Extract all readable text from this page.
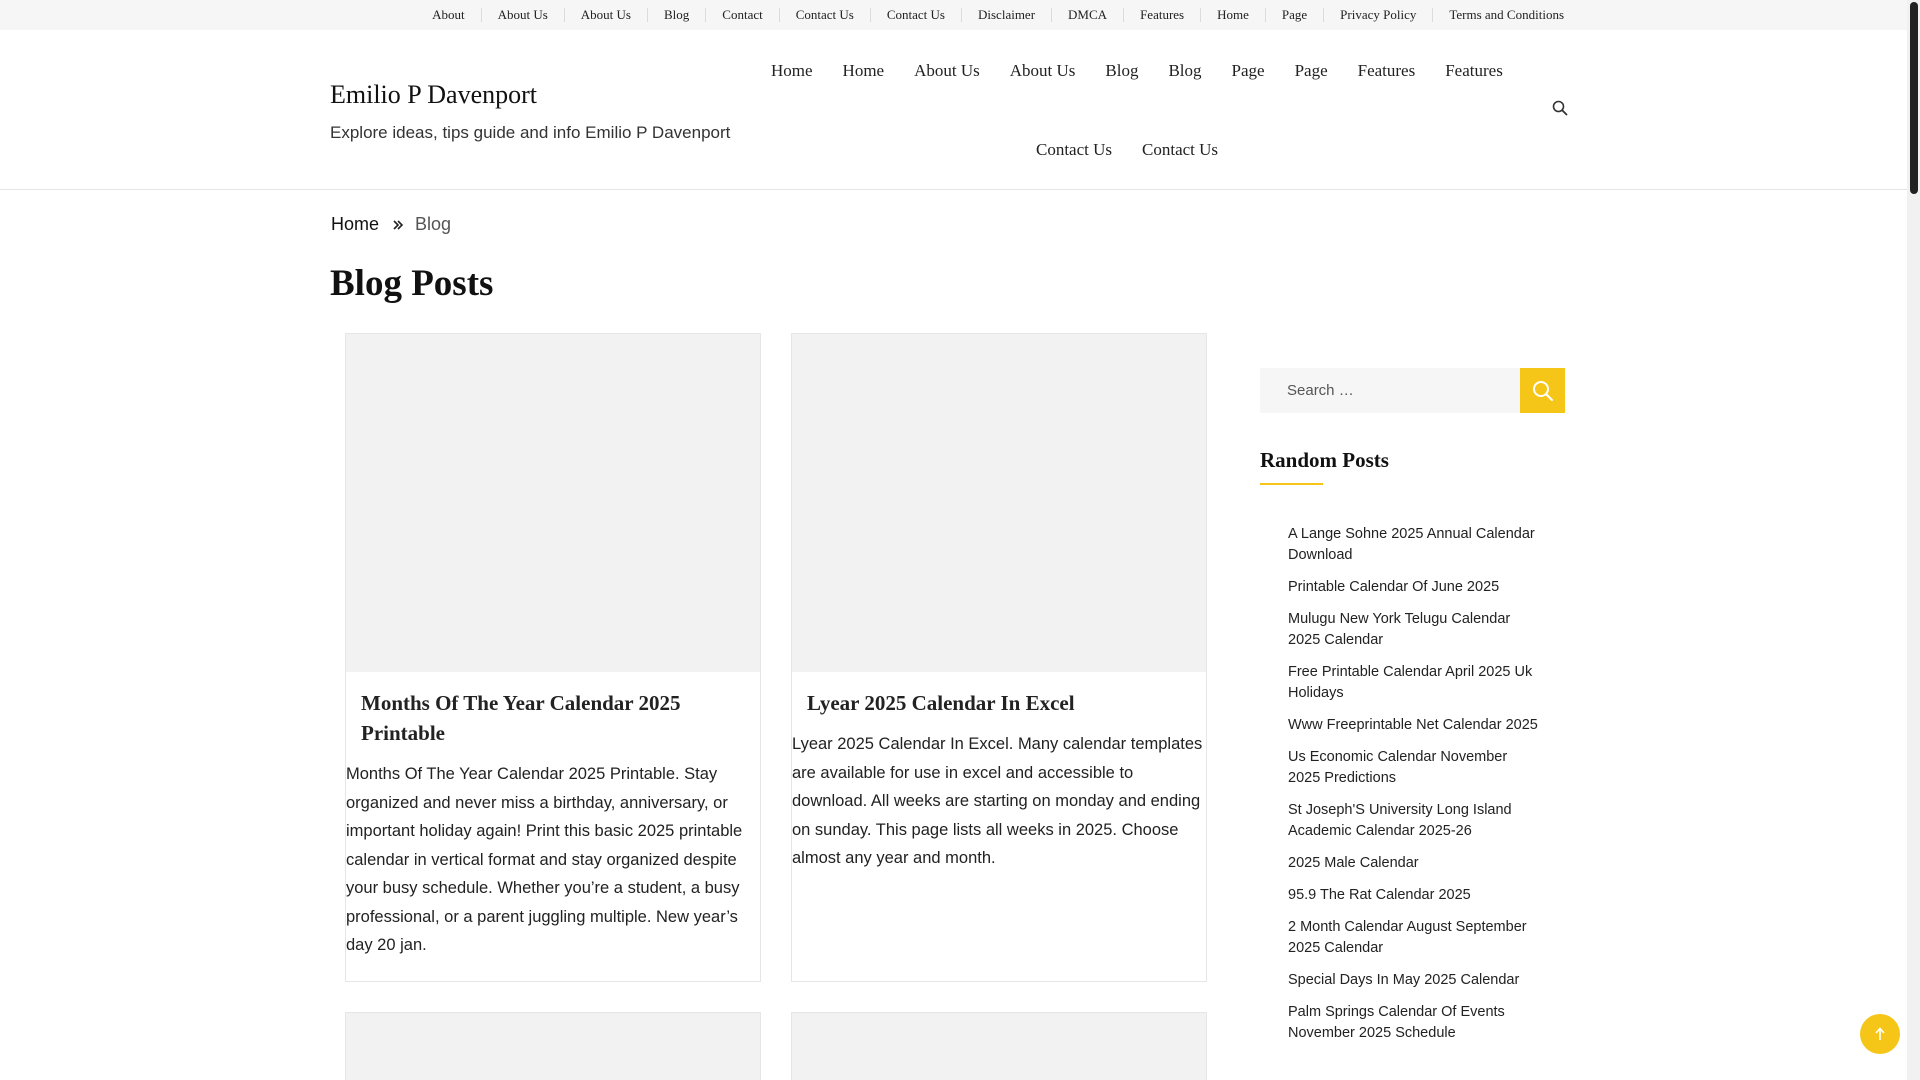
About	About Us	About Us	Blog	Contact	Contact Us	Contact Us	Disclaimer	DMCA	Features	Home	Page	Privacy Policy	Terms and Conditions
Emilio P Davenport
Explore ideas, tips guide and info Emilio P Davenport
Home	Home	About Us	About Us	Blog	Blog	Page	Page	Features	Features
Contact Us	Contact Us
Home Blog
Blog Posts
Months Of The Year Calendar 2025 Printable

Months Of The Year Calendar 2025 Printable. Stay organized and never miss a birthday, anniversary, or important holiday again! Print this basic 2025 printable calendar in vertical format and stay organized despite your busy schedule. Whether you’re a student, a busy professional, or a parent juggling multiple. New year’s day 20 jan.

Lyear 2025 Calendar In Excel

Lyear 2025 Calendar In Excel. Many calendar templates are available for use in excel and accessible to download. All weeks are starting on monday and ending on sunday. This page lists all weeks in 2025. Choose almost any year and month.

Search …
Random Posts
A Lange Sohne 2025 Annual Calendar Download
Printable Calendar Of June 2025
Mulugu New York Telugu Calendar 2025 Calendar
Free Printable Calendar April 2025 Uk Holidays
Www Freeprintable Net Calendar 2025
Us Economic Calendar November 2025 Predictions
St Joseph'S University Long Island Academic Calendar 2025-26
2025 Male Calendar
95.9 The Rat Calendar 2025
2 Month Calendar August September 2025 Calendar
Special Days In May 2025 Calendar
Palm Springs Calendar Of Events November 2025 Schedule
